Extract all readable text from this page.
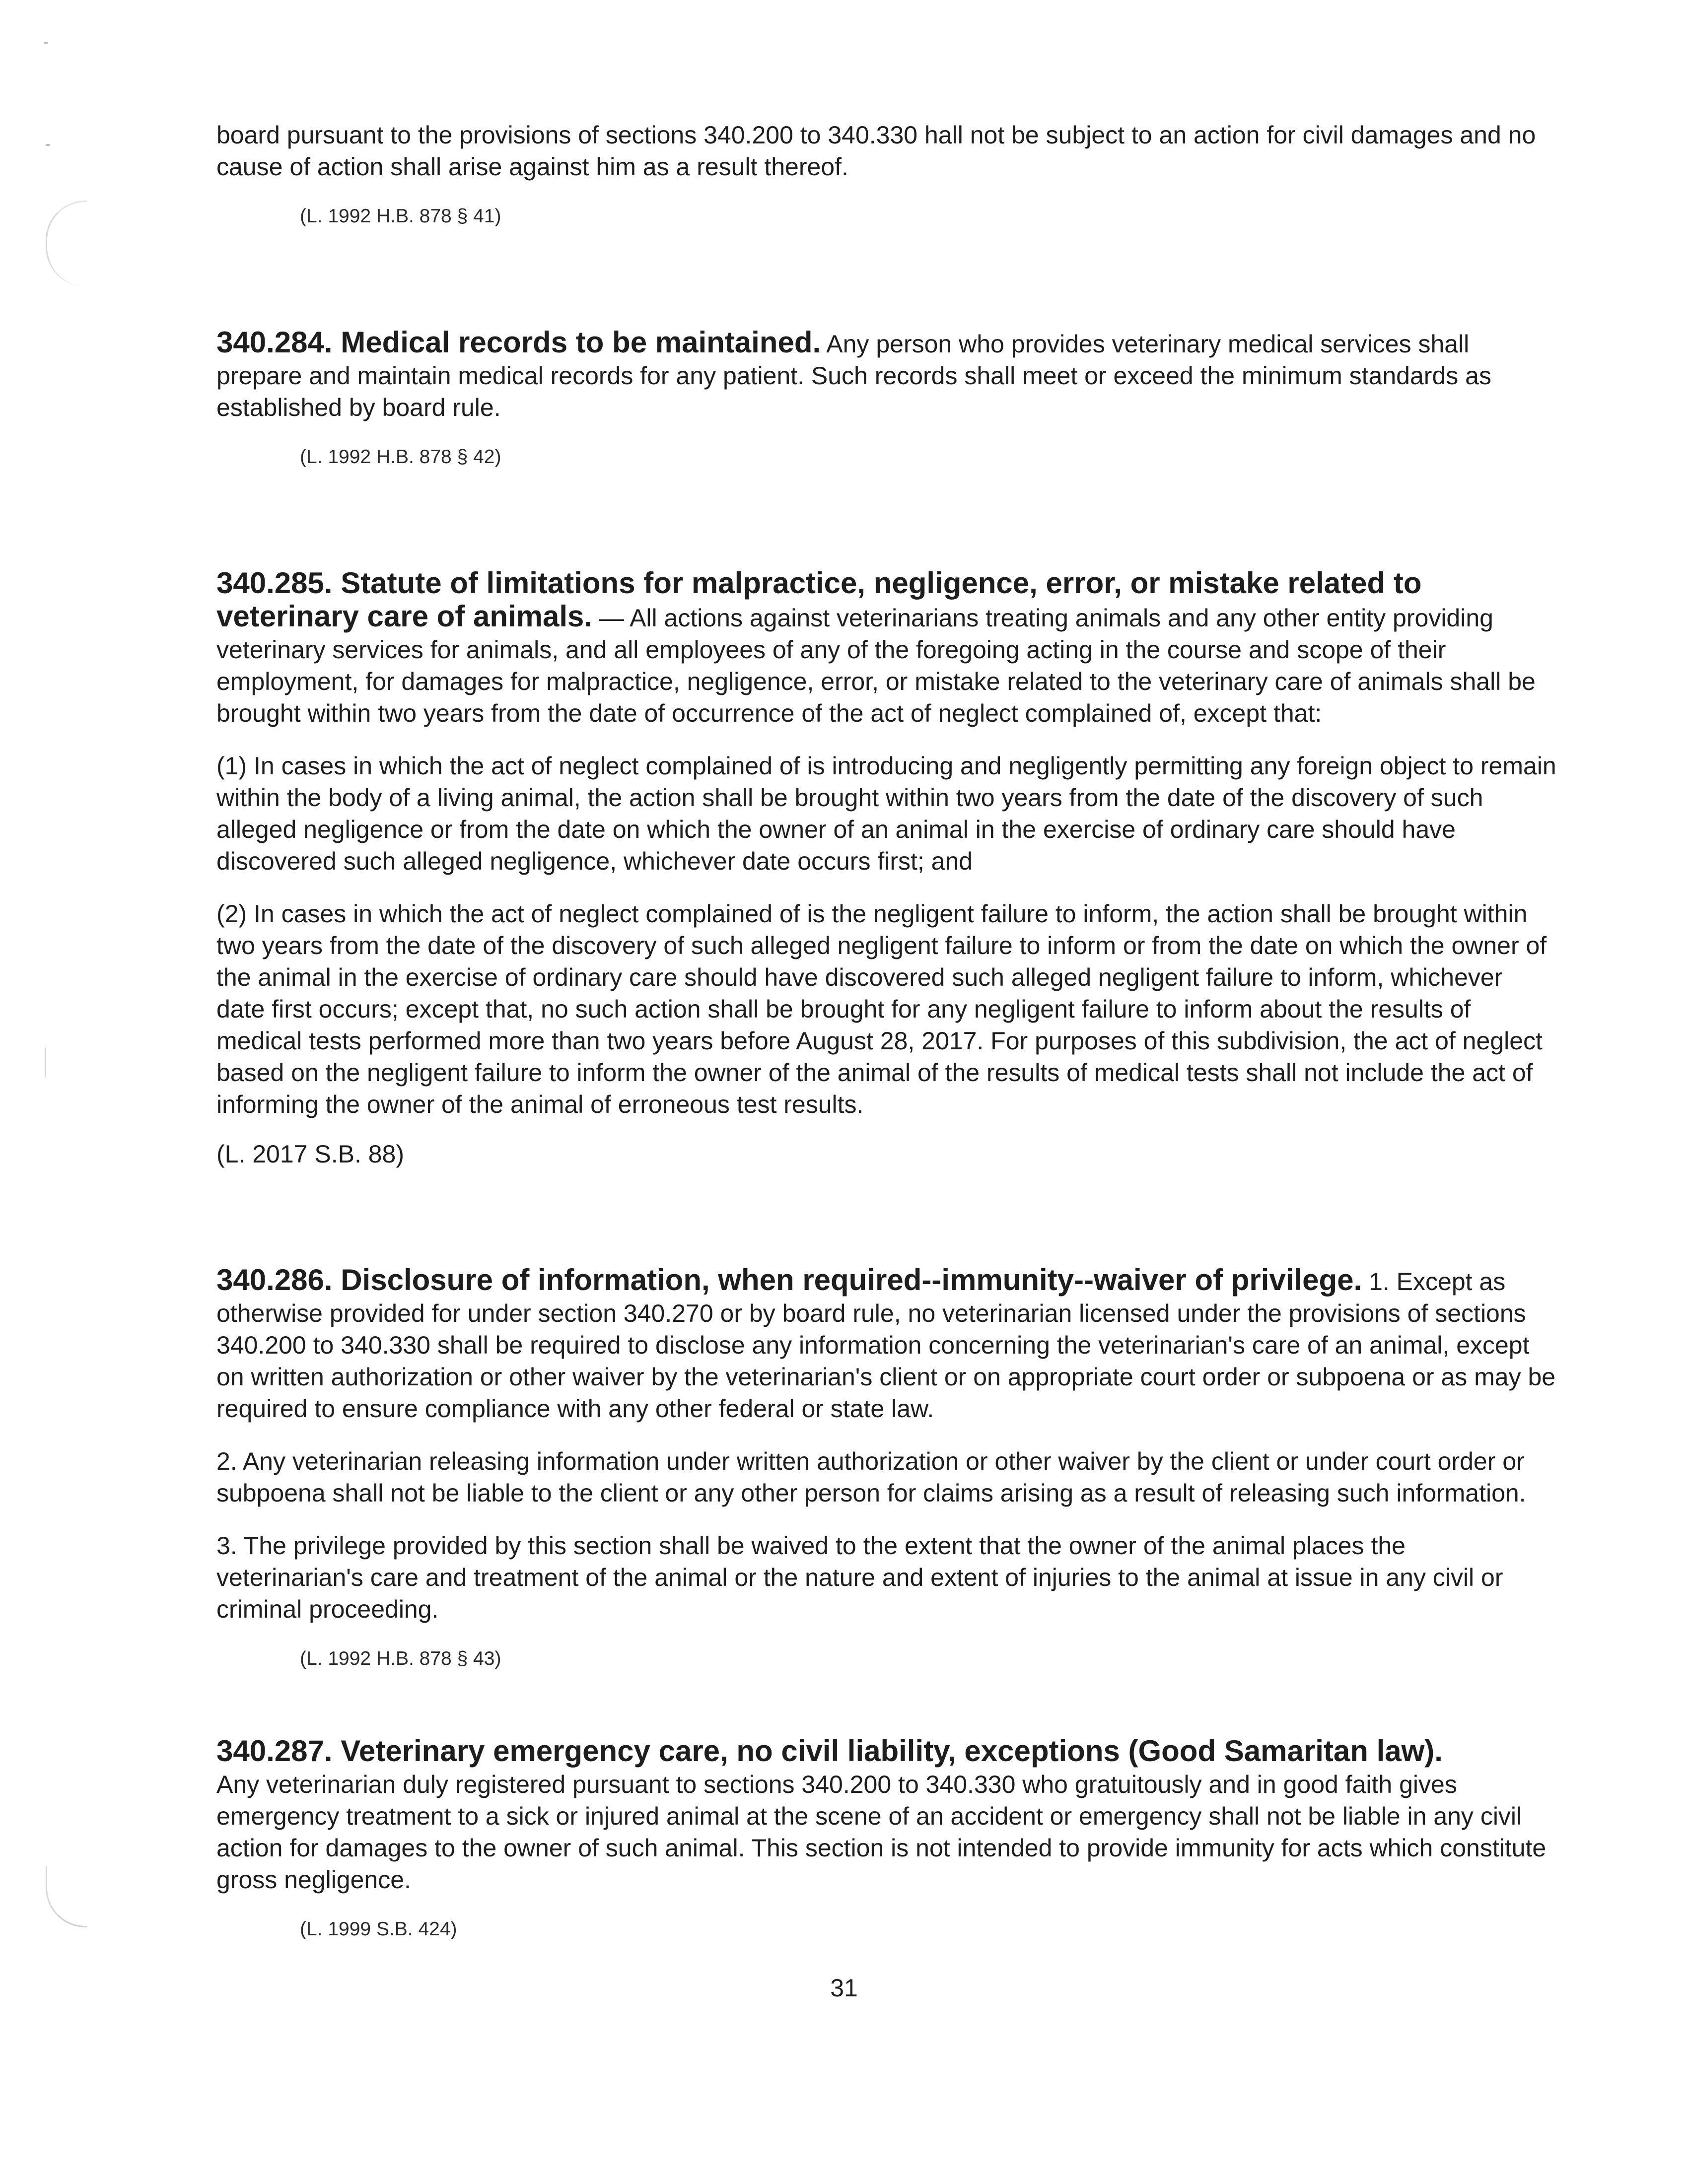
board pursuant to the provisions of sections 340.200 to 340.330 hall not be subject to an action for civil damages and no cause of action shall arise against him as a result thereof.

(L. 1992 H.B. 878 § 41)

340.284. Medical records to be maintained. Any person who provides veterinary medical services shall prepare and maintain medical records for any patient. Such records shall meet or exceed the minimum standards as established by board rule.

(L. 1992 H.B. 878 § 42)

340.285. Statute of limitations for malpractice, negligence, error, or mistake related to veterinary care of animals. — All actions against veterinarians treating animals and any other entity providing veterinary services for animals, and all employees of any of the foregoing acting in the course and scope of their employment, for damages for malpractice, negligence, error, or mistake related to the veterinary care of animals shall be brought within two years from the date of occurrence of the act of neglect complained of, except that:

(1) In cases in which the act of neglect complained of is introducing and negligently permitting any foreign object to remain within the body of a living animal, the action shall be brought within two years from the date of the discovery of such alleged negligence or from the date on which the owner of an animal in the exercise of ordinary care should have discovered such alleged negligence, whichever date occurs first; and

(2) In cases in which the act of neglect complained of is the negligent failure to inform, the action shall be brought within two years from the date of the discovery of such alleged negligent failure to inform or from the date on which the owner of the animal in the exercise of ordinary care should have discovered such alleged negligent failure to inform, whichever date first occurs; except that, no such action shall be brought for any negligent failure to inform about the results of medical tests performed more than two years before August 28, 2017. For purposes of this subdivision, the act of neglect based on the negligent failure to inform the owner of the animal of the results of medical tests shall not include the act of informing the owner of the animal of erroneous test results.

(L. 2017 S.B. 88)

340.286. Disclosure of information, when required--immunity--waiver of privilege. 1. Except as otherwise provided for under section 340.270 or by board rule, no veterinarian licensed under the provisions of sections 340.200 to 340.330 shall be required to disclose any information concerning the veterinarian's care of an animal, except on written authorization or other waiver by the veterinarian's client or on appropriate court order or subpoena or as may be required to ensure compliance with any other federal or state law.

2. Any veterinarian releasing information under written authorization or other waiver by the client or under court order or subpoena shall not be liable to the client or any other person for claims arising as a result of releasing such information.

3. The privilege provided by this section shall be waived to the extent that the owner of the animal places the veterinarian's care and treatment of the animal or the nature and extent of injuries to the animal at issue in any civil or criminal proceeding.

(L. 1992 H.B. 878 § 43)

340.287. Veterinary emergency care, no civil liability, exceptions (Good Samaritan law).

Any veterinarian duly registered pursuant to sections 340.200 to 340.330 who gratuitously and in good faith gives emergency treatment to a sick or injured animal at the scene of an accident or emergency shall not be liable in any civil action for damages to the owner of such animal. This section is not intended to provide immunity for acts which constitute gross negligence.

(L. 1999 S.B. 424)

31
